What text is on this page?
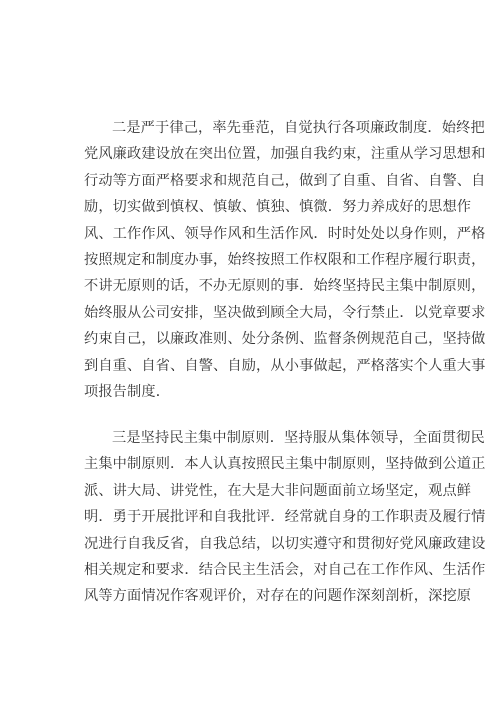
二是严于律己，率先垂范，自觉执行各项廉政制度．始终把
党风廉政建设放在突出位置，加强自我约束，注重从学习思想和
行动等方面严格要求和规范自己，做到了自重、自省、自警、自
励，切实做到慎权、慎敏、慎独、慎微．努力养成好的思想作
风、工作作风、领导作风和生活作风．时时处处以身作则，严格
按照规定和制度办事，始终按照工作权限和工作程序履行职责，
不讲无原则的话，不办无原则的事．始终坚持民主集中制原则，
始终服从公司安排，坚决做到顾全大局，令行禁止．以党章要求
约束自己，以廉政准则、处分条例、监督条例规范自己，坚持做
到自重、自省、自警、自励，从小事做起，严格落实个人重大事
项报告制度．
三是坚持民主集中制原则．坚持服从集体领导，全面贯彻民
主集中制原则．本人认真按照民主集中制原则，坚持做到公道正
派、讲大局、讲党性，在大是大非问题面前立场坚定，观点鲜
明．勇于开展批评和自我批评．经常就自身的工作职责及履行情
况进行自我反省，自我总结，以切实遵守和贯彻好党风廉政建设
相关规定和要求．结合民主生活会，对自己在工作作风、生活作
风等方面情况作客观评价，对存在的问题作深刻剖析，深挖原
